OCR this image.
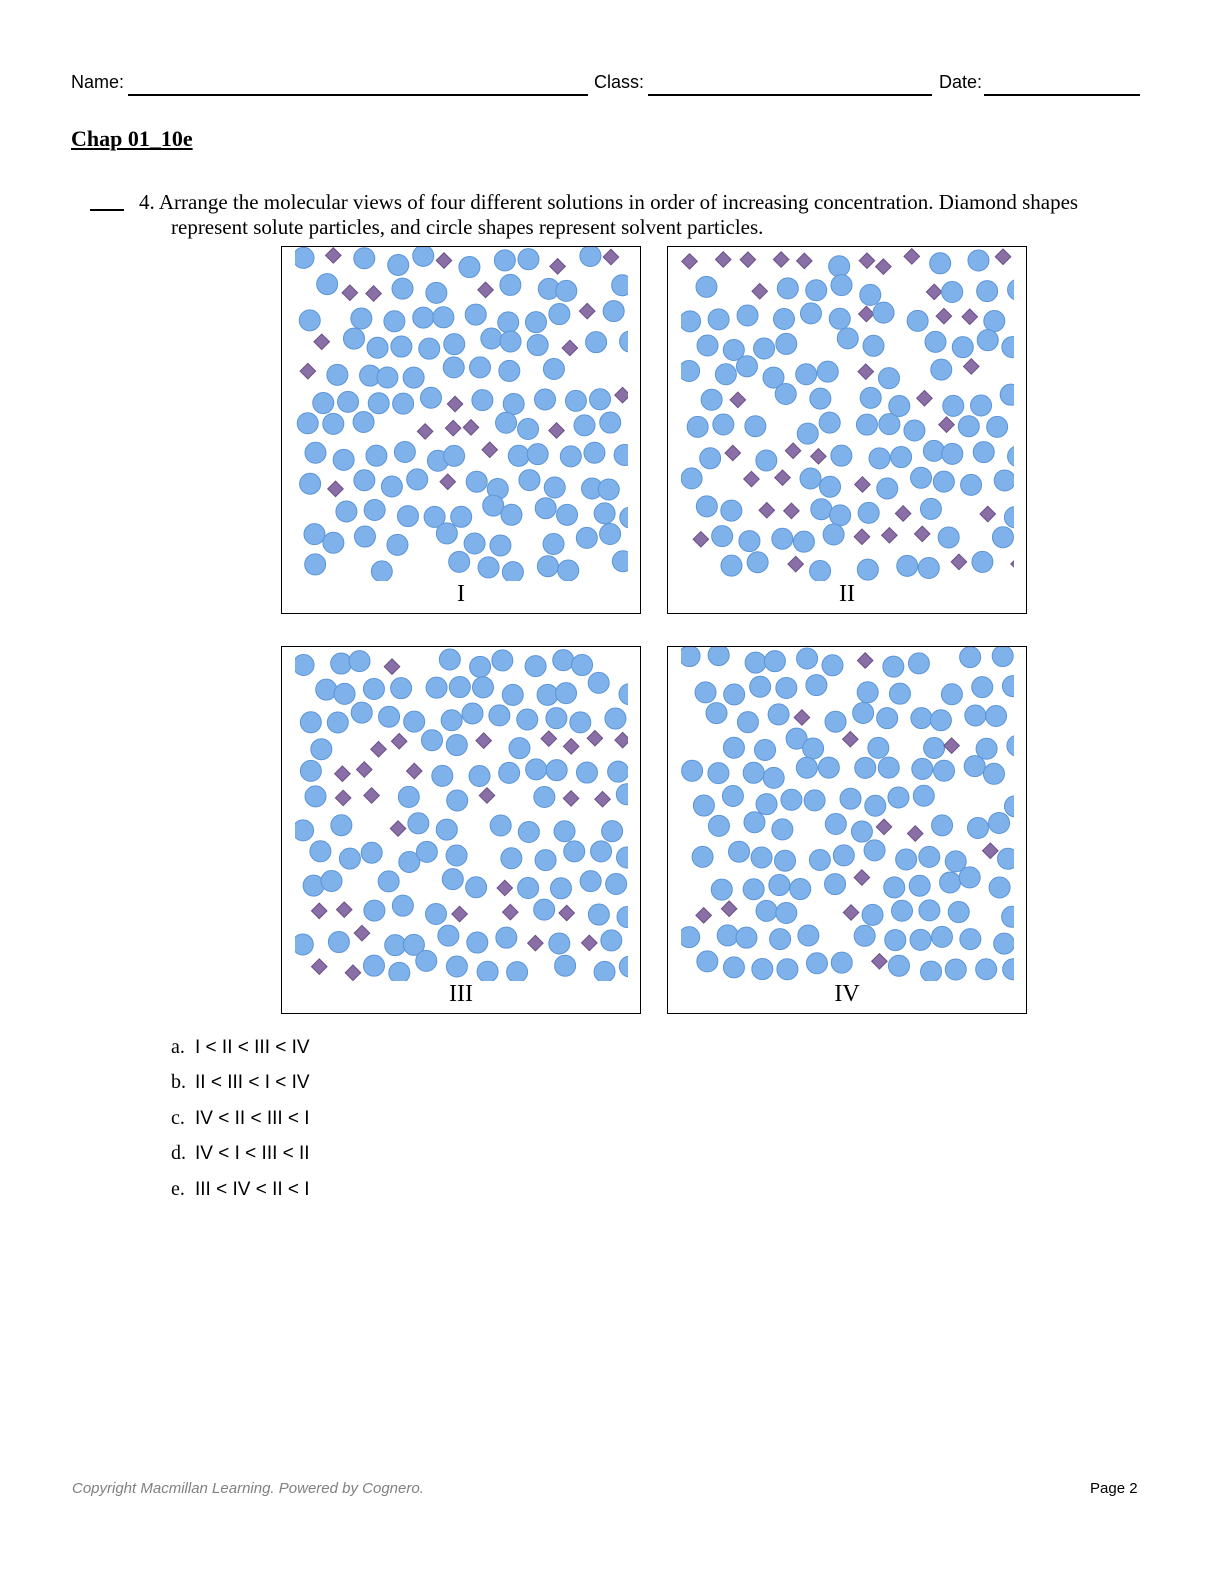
Name:	Class:	Date:
Chap 01_10e
4. Arrange the molecular views of four different solutions in order of increasing concentration. Diamond shapes
represent solute particles, and circle shapes represent solvent particles.
I	II
III	IV
a. I < II < III < IV
b. II < III < I < IV
c. IV < II < III < I
d. IV < I < III < II
e. III < IV < II < I
Copyright Macmillan Learning. Powered by Cognero.	Page 2
